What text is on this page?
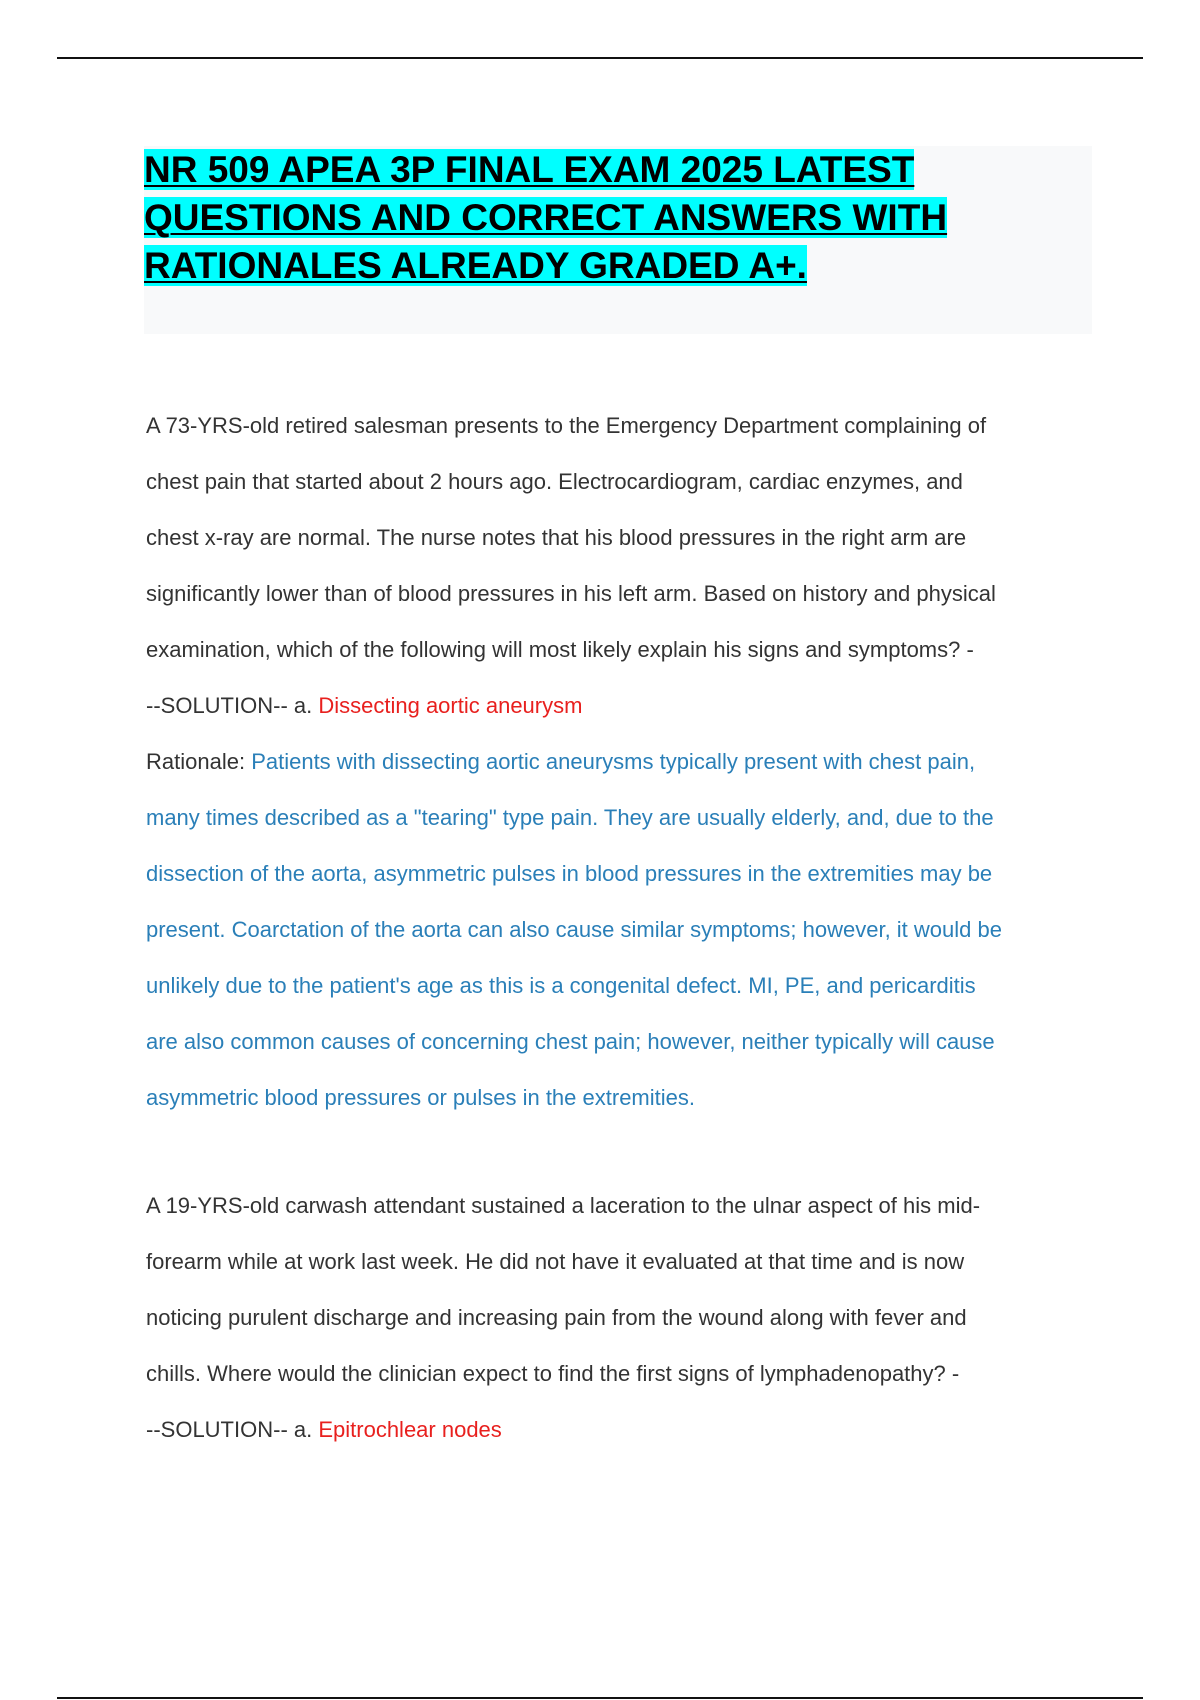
NR 509 APEA 3P FINAL EXAM 2025 LATEST
QUESTIONS AND CORRECT ANSWERS WITH
RATIONALES ALREADY GRADED A+.

A 73-YRS-old retired salesman presents to the Emergency Department complaining of
chest pain that started about 2 hours ago. Electrocardiogram, cardiac enzymes, and
chest x-ray are normal. The nurse notes that his blood pressures in the right arm are
significantly lower than of blood pressures in his left arm. Based on history and physical
examination, which of the following will most likely explain his signs and symptoms? -
--SOLUTION-- a. Dissecting aortic aneurysm

Rationale: Patients with dissecting aortic aneurysms typically present with chest pain,
many times described as a "tearing" type pain. They are usually elderly, and, due to the
dissection of the aorta, asymmetric pulses in blood pressures in the extremities may be
present. Coarctation of the aorta can also cause similar symptoms; however, it would be
unlikely due to the patient's age as this is a congenital defect. MI, PE, and pericarditis
are also common causes of concerning chest pain; however, neither typically will cause
asymmetric blood pressures or pulses in the extremities.

A 19-YRS-old carwash attendant sustained a laceration to the ulnar aspect of his mid-
forearm while at work last week. He did not have it evaluated at that time and is now
noticing purulent discharge and increasing pain from the wound along with fever and
chills. Where would the clinician expect to find the first signs of lymphadenopathy? -
--SOLUTION-- a. Epitrochlear nodes
